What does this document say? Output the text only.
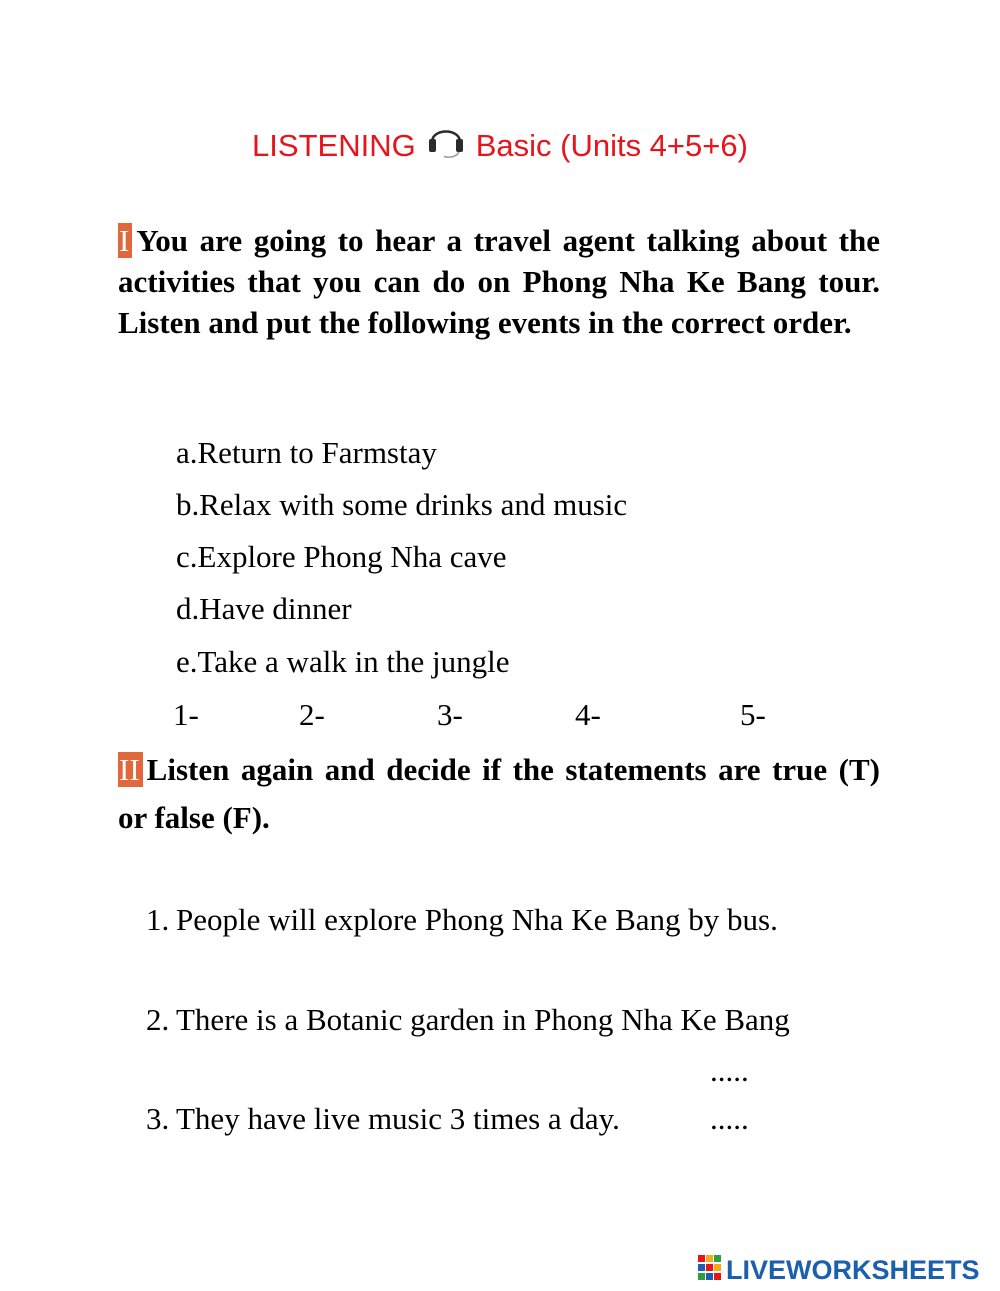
LISTENING Basic (Units 4+5+6)
I You are going to hear a travel agent talking about the activities that you can do on Phong Nha Ke Bang tour. Listen and put the following events in the correct order.
a.Return to Farmstay
b.Relax with some drinks and music
c.Explore Phong Nha cave
d.Have dinner
e.Take a walk in the jungle
1-	2-	3-	4-	5-
II Listen again and decide if the statements are true (T) or false (F).
1. People will explore Phong Nha Ke Bang by bus.
2. There is a Botanic garden in Phong Nha Ke Bang
.....
3. They have live music 3 times a day.	.....
LIVEWORKSHEETS
